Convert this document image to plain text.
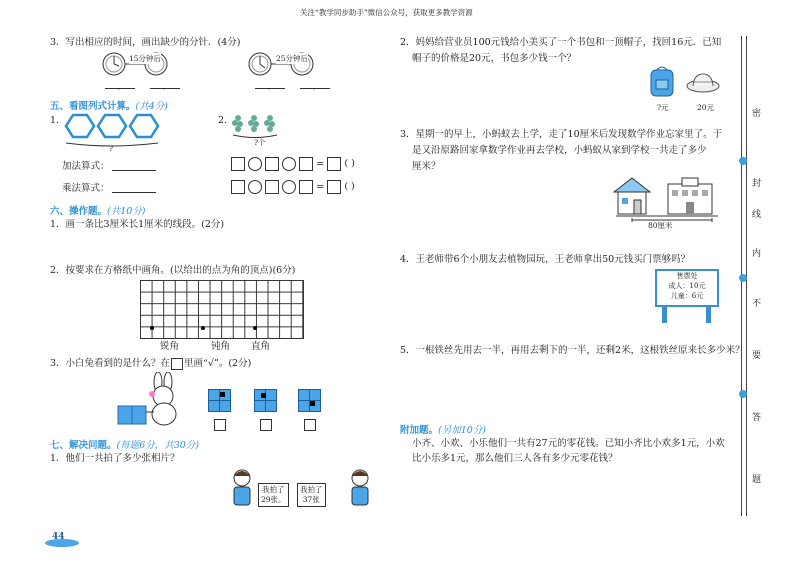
关注“教学同步助手”微信公众号，获取更多教学资源
3．写出相应的时间，画出缺少的分针．(4分)
15分钟后	25分钟后
,	,	,	,
五、看图列式计算。(共4分)
1.
?
2.
?个
加法算式：
乘法算式：
= ( )
= ( )
六、操作题。(共10分)
1．画一条比3厘米长1厘米的线段。(2分)
2．按要求在方格纸中画角。(以给出的点为角的顶点)(6分)
锐角	钝角 直角
3．小白兔看到的是什么？在 里画“√”。(2分)
七、解决问题。(每题6分，共30分)
1．他们一共拍了多少张相片？
我拍了
29张。
我拍了
37张
44
2．妈妈给营业员100元钱给小美买了一个书包和一顶帽子，找回16元．已知
帽子的价格是20元，书包多少钱一个？
?元	20元
3．星期一的早上，小蚂蚁去上学，走了10厘米后发现数学作业忘家里了。于
是又沿原路回家拿数学作业再去学校，小蚂蚁从家到学校一共走了多少
厘米？
80厘米
4．王老师带6个小朋友去植物园玩，王老师拿出50元钱买门票够吗？
售票处
成人：10元
儿童：6元
5．一根铁丝先用去一半，再用去剩下的一半，还剩2米，这根铁丝原来长多少米？
附加题。(另加10分)
小齐、小欢、小乐他们一共有27元的零花钱。已知小齐比小欢多1元，小欢
比小乐多1元，那么他们三人各有多少元零花钱？
密
封
线
内
不
要
答
题
